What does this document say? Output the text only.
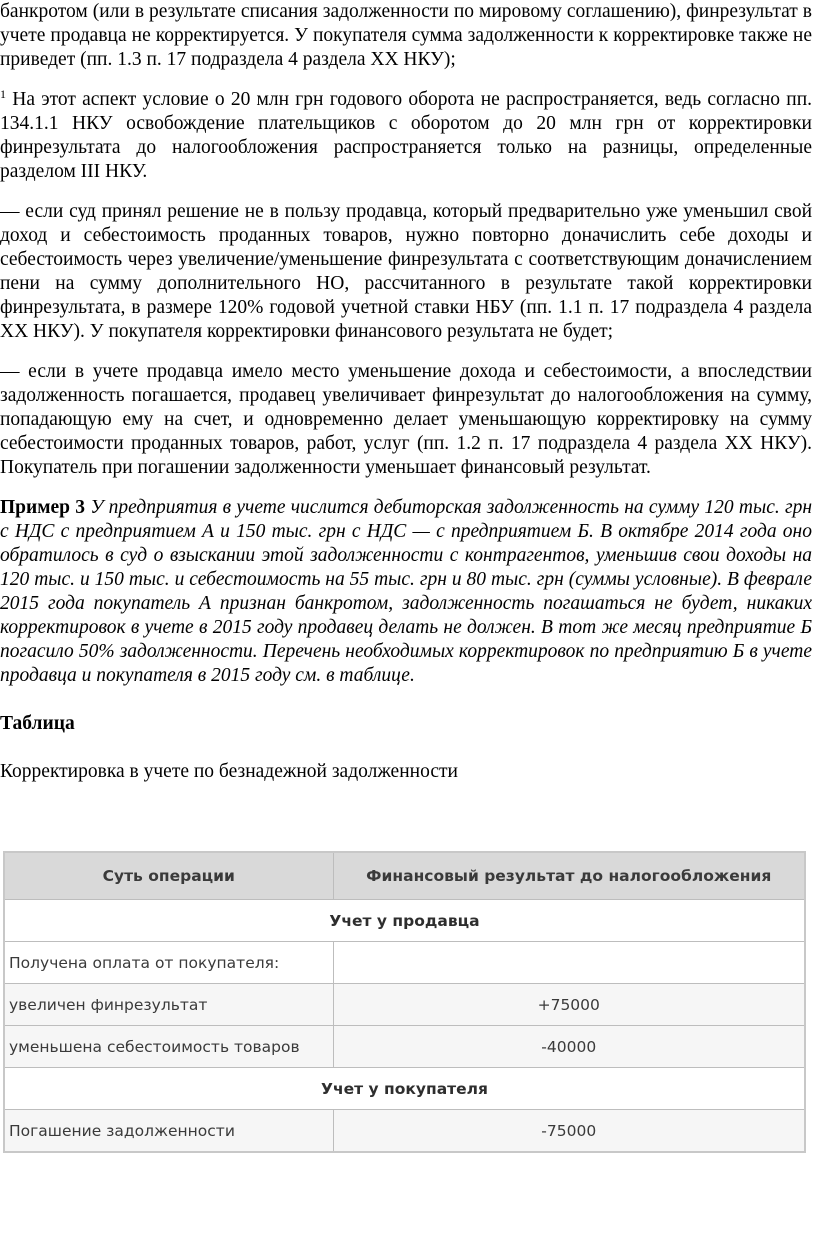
банкротом (или в результате списания задолженности по мировому соглашению), финрезультат в учете продавца не корректируется. У покупателя сумма задолженности к корректировке также не приведет (пп. 1.3 п. 17 подраздела 4 раздела ХХ НКУ);

$^1$ На этот аспект условие о 20 млн грн годового оборота не распространяется, ведь согласно пп. 134.1.1 НКУ освобождение плательщиков с оборотом до 20 млн грн от корректировки финрезультата до налогообложения распространяется только на разницы, определенные разделом III НКУ.

— если суд принял решение не в пользу продавца, который предварительно уже уменьшил свой доход и себестоимость проданных товаров, нужно повторно доначислить себе доходы и себестоимость через увеличение/уменьшение финрезультата с соответствующим доначислением пени на сумму дополнительного НО, рассчитанного в результате такой корректировки финрезультата, в размере 120% годовой учетной ставки НБУ (пп. 1.1 п. 17 подраздела 4 раздела ХХ НКУ). У покупателя корректировки финансового результата не будет;

— если в учете продавца имело место уменьшение дохода и себестоимости, а впоследствии задолженность погашается, продавец увеличивает финрезультат до налогообложения на сумму, попадающую ему на счет, и одновременно делает уменьшающую корректировку на сумму себестоимости проданных товаров, работ, услуг (пп. 1.2 п. 17 подраздела 4 раздела ХХ НКУ). Покупатель при погашении задолженности уменьшает финансовый результат.

Пример 3 У предприятия в учете числится дебиторская задолженность на сумму 120 тыс. грн с НДС с предприятием А и 150 тыс. грн с НДС — с предприятием Б. В октябре 2014 года оно обратилось в суд о взыскании этой задолженности с контрагентов, уменьшив свои доходы на 120 тыс. и 150 тыс. и себестоимость на 55 тыс. грн и 80 тыс. грн (суммы условные). В феврале 2015 года покупатель А признан банкротом, задолженность погашаться не будет, никаких корректировок в учете в 2015 году продавец делать не должен. В тот же месяц предприятие Б погасило 50% задолженности. Перечень необходимых корректировок по предприятию Б в учете продавца и покупателя в 2015 году см. в таблице.

Таблица

Корректировка в учете по безнадежной задолженности

Суть операции	Финансовый результат до налогообложения
Учет у продавца	
Получена оплата от покупателя:	
увеличен финрезультат	+75000
уменьшена себестоимость товаров	-40000
Учет у покупателя	
Погашение задолженности	-75000
